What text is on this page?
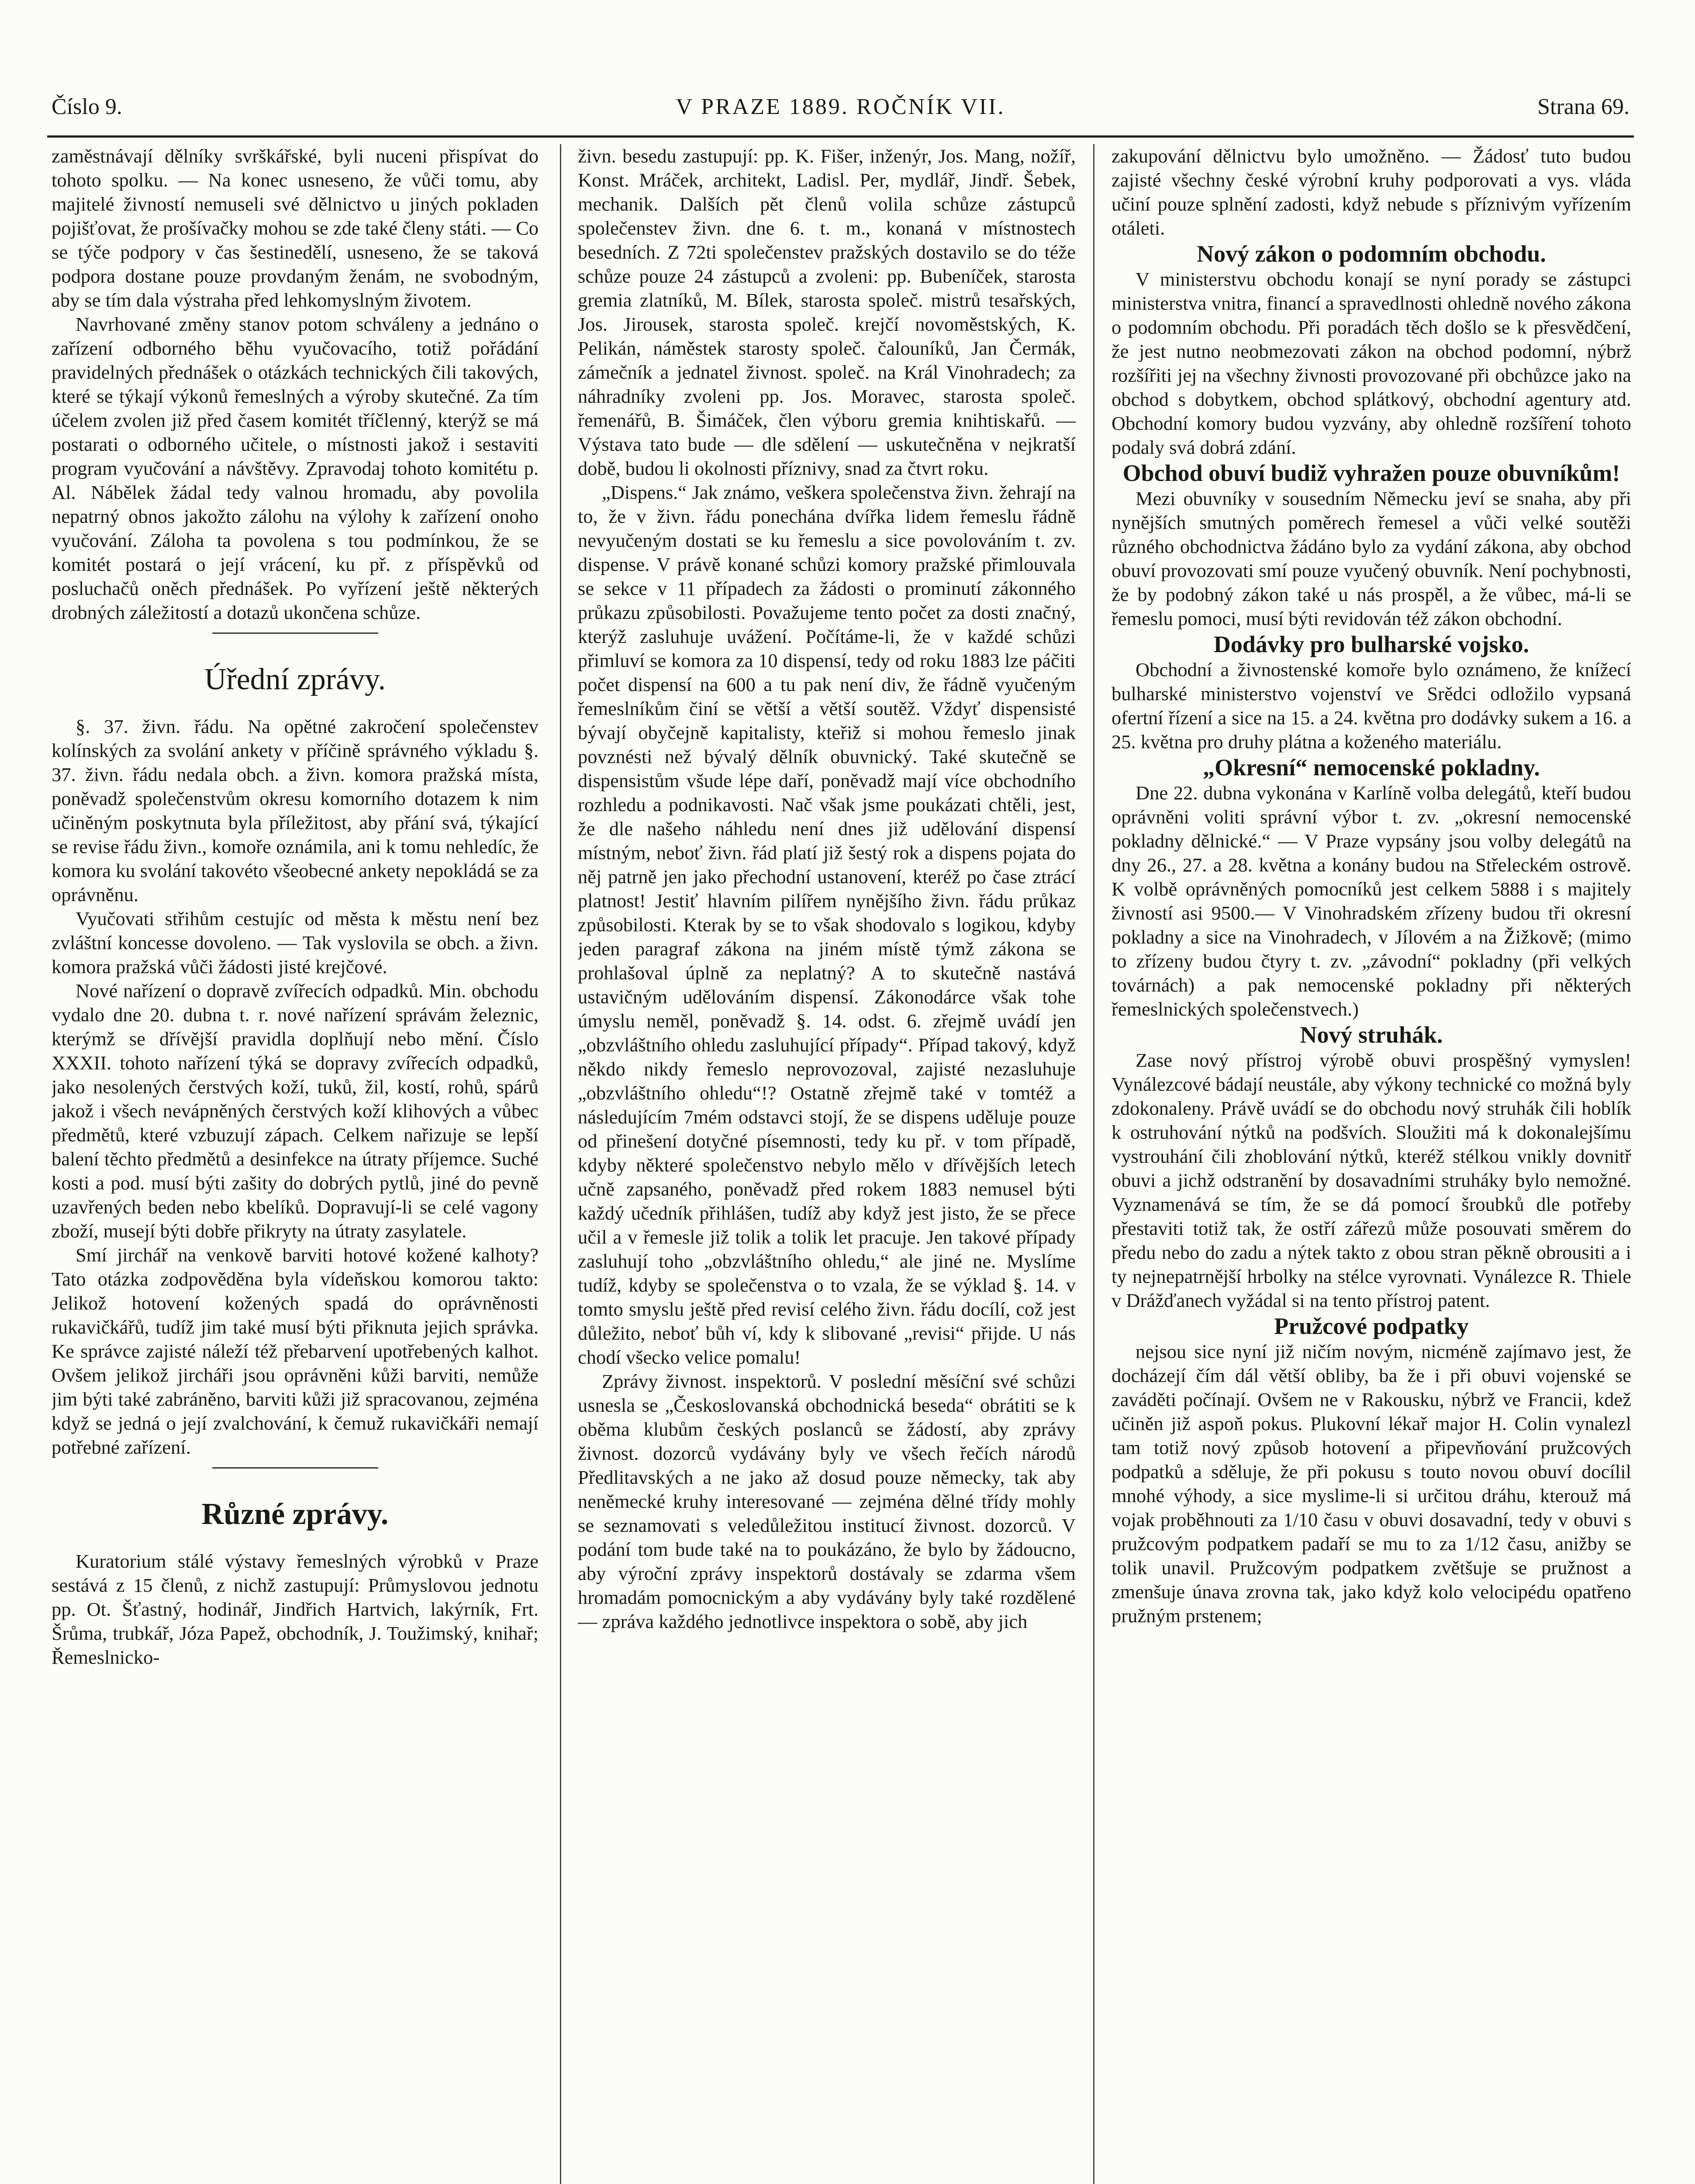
Číslo 9.	V PRAZE 1889. ROČNÍK VII.	Strana 69.

zaměstnávají dělníky svrškářské, byli nuceni přispívat do tohoto spolku. — Na konec usneseno, že vůči tomu, aby majitelé živností nemuseli své dělnictvo u jiných pokladen pojišťovat, že prošívačky mohou se zde také členy státi. — Co se týče podpory v čas šestinedělí, usneseno, že se taková podpora dostane pouze provdaným ženám, ne svobodným, aby se tím dala výstraha před lehkomyslným životem.

Navrhované změny stanov potom schváleny a jednáno o zařízení odborného běhu vyučovacího, totiž pořádání pravidelných přednášek o otázkách technických čili takových, které se týkají výkonů řemeslných a výroby skutečné. Za tím účelem zvolen již před časem komitét tříčlenný, kterýž se má postarati o odborného učitele, o místnosti jakož i sestaviti program vyučování a návštěvy. Zpravodaj tohoto komitétu p. Al. Nábělek žádal tedy valnou hromadu, aby povolila nepatrný obnos jakožto zálohu na výlohy k zařízení onoho vyučování. Záloha ta povolena s tou podmínkou, že se komitét postará o její vrácení, ku př. z příspěvků od posluchačů oněch přednášek. Po vyřízení ještě některých drobných záležitostí a dotazů ukončena schůze.

Úřední zprávy.

§. 37. živn. řádu. Na opětné zakročení společenstev kolínských za svolání ankety v příčině správného výkladu §. 37. živn. řádu nedala obch. a živn. komora pražská místa, poněvadž společenstvům okresu komorního dotazem k nim učiněným poskytnuta byla příležitost, aby přání svá, týkající se revise řádu živn., komoře oznámila, ani k tomu nehledíc, že komora ku svolání takovéto všeobecné ankety nepokládá se za oprávněnu.

Vyučovati střihům cestujíc od města k městu není bez zvláštní koncesse dovoleno. — Tak vyslovila se obch. a živn. komora pražská vůči žádosti jisté krejčové.

Nové nařízení o dopravě zvířecích odpadků. Min. obchodu vydalo dne 20. dubna t. r. nové nařízení správám železnic, kterýmž se dřívější pravidla doplňují nebo mění. Číslo XXXII. tohoto nařízení týká se dopravy zvířecích odpadků, jako nesolených čerstvých koží, tuků, žil, kostí, rohů, spárů jakož i všech nevápněných čerstvých koží klihových a vůbec předmětů, které vzbuzují zápach. Celkem nařizuje se lepší balení těchto předmětů a desinfekce na útraty příjemce. Suché kosti a pod. musí býti zašity do dobrých pytlů, jiné do pevně uzavřených beden nebo kbelíků. Dopravují-li se celé vagony zboží, musejí býti dobře přikryty na útraty zasylatele.

Smí jirchář na venkově barviti hotové kožené kalhoty? Tato otázka zodpověděna byla vídeňskou komorou takto: Jelikož hotovení kožených spadá do oprávněnosti rukavičkářů, tudíž jim také musí býti přiknuta jejich správka. Ke správce zajisté náleží též přebarvení upotřebených kalhot. Ovšem jelikož jircháři jsou oprávněni kůži barviti, nemůže jim býti také zabráněno, barviti kůži již spracovanou, zejména když se jedná o její zvalchování, k čemuž rukavičkáři nemají potřebné zařízení.

Různé zprávy.

Kuratorium stálé výstavy řemeslných výrobků v Praze sestává z 15 členů, z nichž zastupují: Průmyslovou jednotu pp. Ot. Šťastný, hodinář, Jindřich Hartvich, lakýrník, Frt. Šrůma, trubkář, Józa Papež, obchodník, J. Toužimský, knihař; Řemeslnicko-

živn. besedu zastupují: pp. K. Fišer, inženýr, Jos. Mang, nožíř, Konst. Mráček, architekt, Ladisl. Per, mydlář, Jindř. Šebek, mechanik. Dalších pět členů volila schůze zástupců společenstev živn. dne 6. t. m., konaná v místnostech besedních. Z 72ti společenstev pražských dostavilo se do téže schůze pouze 24 zástupců a zvoleni: pp. Bubeníček, starosta gremia zlatníků, M. Bílek, starosta společ. mistrů tesařských, Jos. Jirousek, starosta společ. krejčí novoměstských, K. Pelikán, náměstek starosty společ. čalouníků, Jan Čermák, zámečník a jednatel živnost. společ. na Král Vinohradech; za náhradníky zvoleni pp. Jos. Moravec, starosta společ. řemenářů, B. Šimáček, člen výboru gremia knihtiskařů. — Výstava tato bude — dle sdělení — uskutečněna v nejkratší době, budou li okolnosti příznivy, snad za čtvrt roku.

„Dispens.“ Jak známo, veškera společenstva živn. žehrají na to, že v živn. řádu ponechána dvířka lidem řemeslu řádně nevyučeným dostati se ku řemeslu a sice povolováním t. zv. dispense. V právě konané schůzi komory pražské přimlouvala se sekce v 11 případech za žádosti o prominutí zákonného průkazu způsobilosti. Považujeme tento počet za dosti značný, kterýž zasluhuje uvážení. Počítáme-li, že v každé schůzi přimluví se komora za 10 dispensí, tedy od roku 1883 lze páčiti počet dispensí na 600 a tu pak není div, že řádně vyučeným řemeslníkům činí se větší a větší soutěž. Vždyť dispensisté bývají obyčejně kapitalisty, kteřiž si mohou řemeslo jinak povznésti než bývalý dělník obuvnický. Také skutečně se dispensistům všude lépe daří, poněvadž mají více obchodního rozhledu a podnikavosti. Nač však jsme poukázati chtěli, jest, že dle našeho náhledu není dnes již udělování dispensí místným, neboť živn. řád platí již šestý rok a dispens pojata do něj patrně jen jako přechodní ustanovení, kteréž po čase ztrácí platnost! Jestiť hlavním pilířem nynějšího živn. řádu průkaz způsobilosti. Kterak by se to však shodovalo s logikou, kdyby jeden paragraf zákona na jiném místě týmž zákona se prohlašoval úplně za neplatný? A to skutečně nastává ustavičným udělováním dispensí. Zákonodárce však tohe úmyslu neměl, poněvadž §. 14. odst. 6. zřejmě uvádí jen „obzvláštního ohledu zasluhující případy“. Případ takový, když někdo nikdy řemeslo neprovozoval, zajisté nezasluhuje „obzvláštního ohledu“!? Ostatně zřejmě také v tomtéž a následujícím 7mém odstavci stojí, že se dispens uděluje pouze od přinešení dotyčné písemnosti, tedy ku př. v tom případě, kdyby některé společenstvo nebylo mělo v dřívějších letech učně zapsaného, poněvadž před rokem 1883 nemusel býti každý učedník přihlášen, tudíž aby když jest jisto, že se přece učil a v řemesle již tolik a tolik let pracuje. Jen takové případy zasluhují toho „obzvláštního ohledu,“ ale jiné ne. Myslíme tudíž, kdyby se společenstva o to vzala, že se výklad §. 14. v tomto smyslu ještě před revisí celého živn. řádu docílí, což jest důležito, neboť bůh ví, kdy k slibované „revisi“ přijde. U nás chodí všecko velice pomalu!

Zprávy živnost. inspektorů. V poslední měsíční své schůzi usnesla se „Českoslovanská obchodnická beseda“ obrátiti se k oběma klubům českých poslanců se žádostí, aby zprávy živnost. dozorců vydávány byly ve všech řečích národů Předlitavských a ne jako až dosud pouze německy, tak aby neněmecké kruhy interesované — zejména dělné třídy mohly se seznamovati s veledůležitou institucí živnost. dozorců. V podání tom bude také na to poukázáno, že bylo by žádoucno, aby výroční zprávy inspektorů dostávaly se zdarma všem hromadám pomocnickým a aby vydávány byly také rozdělené — zpráva každého jednotlivce inspektora o sobě, aby jich

zakupování dělnictvu bylo umožněno. — Žádosť tuto budou zajisté všechny české výrobní kruhy podporovati a vys. vláda učiní pouze splnění zadosti, když nebude s příznivým vyřízením otáleti.

Nový zákon o podomním obchodu.

V ministerstvu obchodu konají se nyní porady se zástupci ministerstva vnitra, financí a spravedlnosti ohledně nového zákona o podomním obchodu. Při poradách těch došlo se k přesvědčení, že jest nutno neobmezovati zákon na obchod podomní, nýbrž rozšířiti jej na všechny živnosti provozované při obchůzce jako na obchod s dobytkem, obchod splátkový, obchodní agentury atd. Obchodní komory budou vyzvány, aby ohledně rozšíření tohoto podaly svá dobrá zdání.

Obchod obuví budiž vyhražen pouze obuvníkům!

Mezi obuvníky v sousedním Německu jeví se snaha, aby při nynějších smutných poměrech řemesel a vůči velké soutěži různého obchodnictva žádáno bylo za vydání zákona, aby obchod obuví provozovati smí pouze vyučený obuvník. Není pochybnosti, že by podobný zákon také u nás prospěl, a že vůbec, má-li se řemeslu pomoci, musí býti revidován též zákon obchodní.

Dodávky pro bulharské vojsko.

Obchodní a živnostenské komoře bylo oznámeno, že knížecí bulharské ministerstvo vojenství ve Srědci odložilo vypsaná ofertní řízení a sice na 15. a 24. května pro dodávky sukem a 16. a 25. května pro druhy plátna a koženého materiálu.

„Okresní“ nemocenské pokladny.

Dne 22. dubna vykonána v Karlíně volba delegátů, kteří budou oprávněni voliti správní výbor t. zv. „okresní nemocenské pokladny dělnické.“ — V Praze vypsány jsou volby delegátů na dny 26., 27. a 28. května a konány budou na Střeleckém ostrově. K volbě oprávněných pomocníků jest celkem 5888 i s majitely živností asi 9500.— V Vinohradském zřízeny budou tři okresní pokladny a sice na Vinohradech, v Jílovém a na Žižkově; (mimo to zřízeny budou čtyry t. zv. „závodní“ pokladny (při velkých továrnách) a pak nemocenské pokladny při některých řemeslnických společenstvech.)

Nový struhák.

Zase nový přístroj výrobě obuvi prospěšný vymyslen! Vynálezcové bádají neustále, aby výkony technické co možná byly zdokonaleny. Právě uvádí se do obchodu nový struhák čili hoblík k ostruhování nýtků na podšvích. Sloužiti má k dokonalejšímu vystrouhání čili zhoblování nýtků, kteréž stélkou vnikly dovnitř obuvi a jichž odstranění by dosavadními struháky bylo nemožné. Vyznamenává se tím, že se dá pomocí šroubků dle potřeby přestaviti totiž tak, že ostří zářezů může posouvati směrem do předu nebo do zadu a nýtek takto z obou stran pěkně obrousiti a i ty nejnepatrnější hrbolky na stélce vyrovnati. Vynálezce R. Thiele v Drážďanech vyžádal si na tento přístroj patent.

Pružcové podpatky

nejsou sice nyní již ničím novým, nicméně zajímavo jest, že docházejí čím dál větší obliby, ba že i při obuvi vojenské se zaváděti počínají. Ovšem ne v Rakousku, nýbrž ve Francii, kdež učiněn již aspoň pokus. Plukovní lékař major H. Colin vynalezl tam totiž nový způsob hotovení a připevňování pružcových podpatků a sděluje, že při pokusu s touto novou obuví docílil mnohé výhody, a sice myslime-li si určitou dráhu, kterouž má vojak proběhnouti za 1/10 času v obuvi dosavadní, tedy v obuvi s pružcovým podpatkem padaří se mu to za 1/12 času, anižby se tolik unavil. Pružcovým podpatkem zvětšuje se pružnost a zmenšuje únava zrovna tak, jako když kolo velocipédu opatřeno pružným prstenem;
